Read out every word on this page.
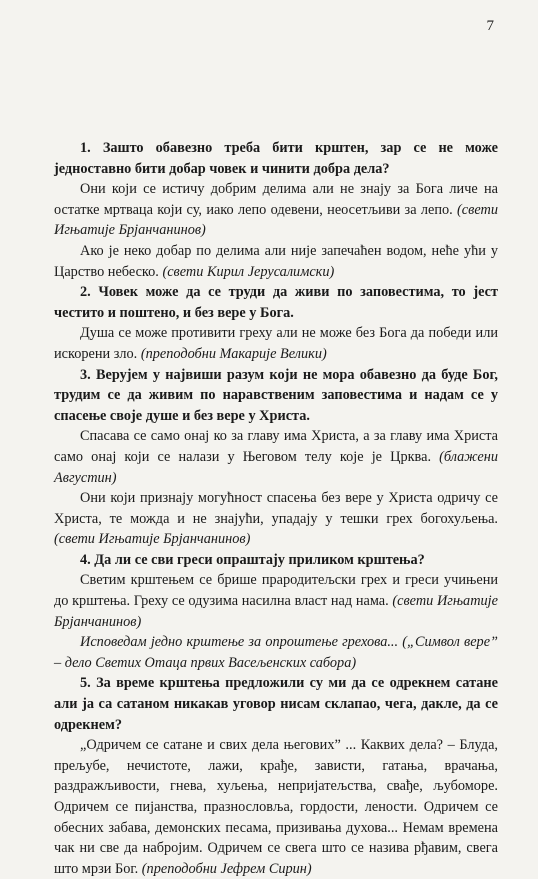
7

1. Зашто обавезно треба бити крштен, зар се не може једноставно бити добар човек и чинити добра дела?

Они који се истичу добрим делима али не знају за Бога личе на остатке мртваца који су, иако лепо одевени, неосетљиви за лепо. (свети Игњатије Брјанчанинов)

Ако је неко добар по делима али није запечаћен водом, неће ући у Царство небеско. (свети Кирил Јерусалимски)

2. Човек може да се труди да живи по заповестима, то јест честито и поштено, и без вере у Бога.

Душа се може противити греху али не може без Бога да победи или искорени зло. (преподобни Макарије Велики)

3. Верујем у највиши разум који не мора обавезно да буде Бог, трудим се да живим по нарaвственим заповестима и надам се у спасење своје душе и без вере у Христа.

Спасава се само онај ко за главу има Христа, а за главу има Христа само онај који се налази у Његовом телу које је Црква. (блажени Августин)

Они који признају могућност спасења без вере у Христа одричу се Христа, те можда и не знајући, упадају у тешки грех богохуљења. (свети Игњатије Брјанчанинов)

4. Да ли се сви греси опраштају приликом крштења?

Светим крштењем се брише прародитељски грех и греси учињени до крштења. Греху се одузима насилна власт над нама. (свети Игњатије Брјанчанинов)

Исповедам једно крштење за опроштење грехова... („Символ вере” – дело Светих Отаца првих Васељенских сабора)

5. За време крштења предложили су ми да се одрекнем сатане али ја са сатаном никакав уговор нисам склапао, чега, дакле, да се одрекнем?

„Одричем се сатане и свих дела његових” ... Каквих дела? – Блуда, прељубе, нечистоте, лажи, крађе, зависти, гатања, врачања, раздражљивости, гнева, хуљења, непријатељства, свађе, љубоморе. Одричем се пијанства, празнословља, гордости, лености. Одричем се обесних забава, демонских песама, призивања духова... Немам времена чак ни све да набројим. Одричем се свега што се назива рђавим, свега што мрзи Бог. (преподобни Јефрем Сирин)
